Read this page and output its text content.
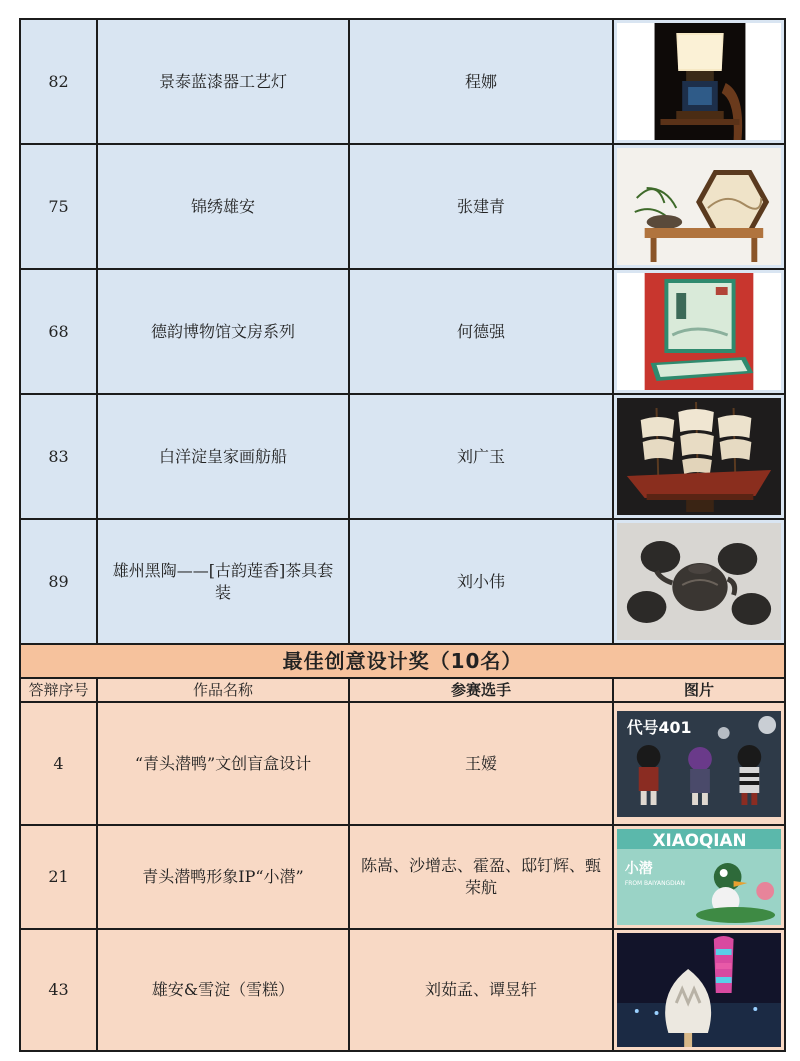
82	景泰蓝漆器工艺灯	程娜	

75	锦绣雄安	张建青	

68	德韵博物馆文房系列	何德强	

83	白洋淀皇家画舫船	刘广玉	

89	雄州黑陶——[古韵莲香]茶具套装	刘小伟	

最佳创意设计奖（10名）			
答辩序号	作品名称	参赛选手	图片
4	“青头潜鸭”文创盲盒设计	王嫒	代号401

21	青头潜鸭形象IP“小潜”	陈嵩、沙增志、霍盈、邸钉辉、甄荣航	XIAOQIAN
小潜
FROM BAIYANGDIAN

43	雄安&雪淀（雪糕）	刘茹孟、谭昱轩	
